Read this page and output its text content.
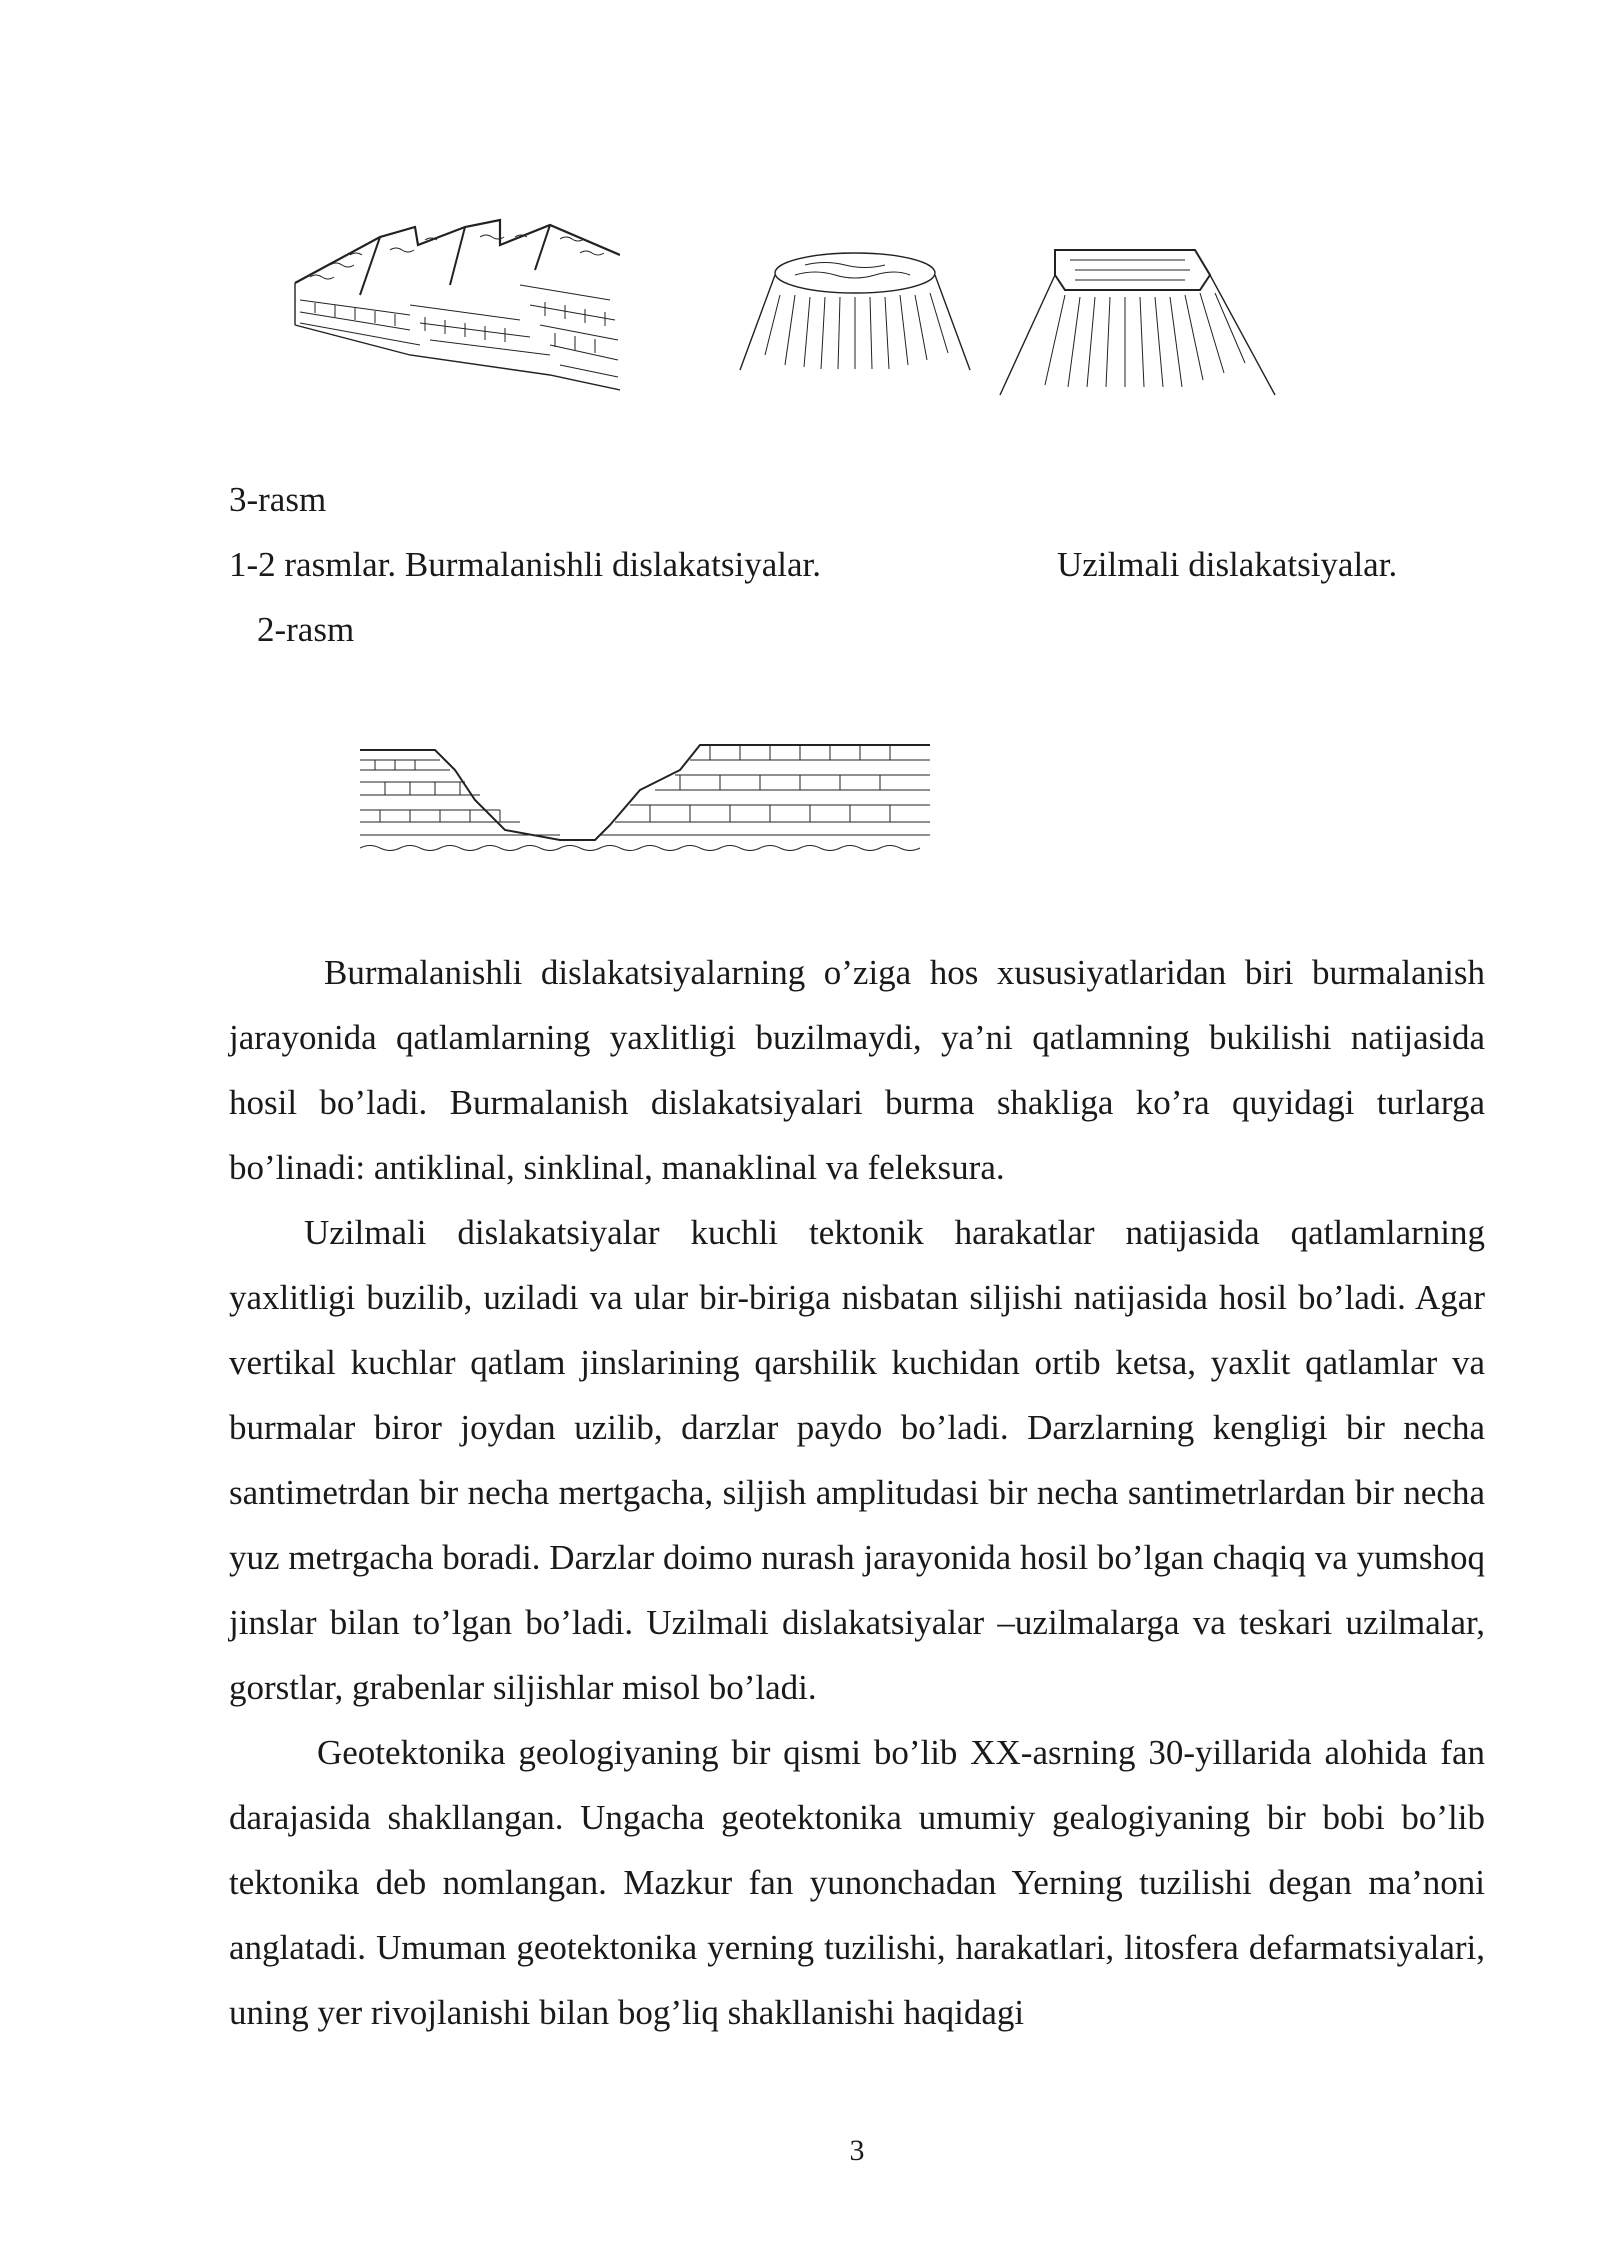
3-rasm
1-2 rasmlar. Burmalanishli dislakatsiyalar.	Uzilmali dislakatsiyalar.
2-rasm

Burmalanishli dislakatsiyalarning o’ziga hos xususiyatlaridan biri burmalanish jarayonida qatlamlarning yaxlitligi buzilmaydi, ya’ni qatlamning bukilishi natijasida hosil bo’ladi. Burmalanish dislakatsiyalari burma shakliga ko’ra quyidagi turlarga bo’linadi: antiklinal, sinklinal, manaklinal va feleksura.

Uzilmali dislakatsiyalar kuchli tektonik harakatlar natijasida qatlamlarning yaxlitligi buzilib, uziladi va ular bir-biriga nisbatan siljishi natijasida hosil bo’ladi. Agar vertikal kuchlar qatlam jinslarining qarshilik kuchidan ortib ketsa, yaxlit qatlamlar va burmalar biror joydan uzilib, darzlar paydo bo’ladi. Darzlarning kengligi bir necha santimetrdan bir necha mertgacha, siljish amplitudasi bir necha santimetrlardan bir necha yuz metrgacha boradi. Darzlar doimo nurash jarayonida hosil bo’lgan chaqiq va yumshoq jinslar bilan to’lgan bo’ladi. Uzilmali dislakatsiyalar –uzilmalarga va teskari uzilmalar, gorstlar, grabenlar siljishlar misol bo’ladi.

Geotektonika geologiyaning bir qismi bo’lib XX-asrning 30-yillarida alohida fan darajasida shakllangan. Ungacha geotektonika umumiy gealogiyaning bir bobi bo’lib tektonika deb nomlangan. Mazkur fan yunonchadan Yerning tuzilishi degan ma’noni anglatadi. Umuman geotektonika yerning tuzilishi, harakatlari, litosfera defarmatsiyalari, uning yer rivojlanishi bilan bog’liq shakllanishi haqidagi

3
